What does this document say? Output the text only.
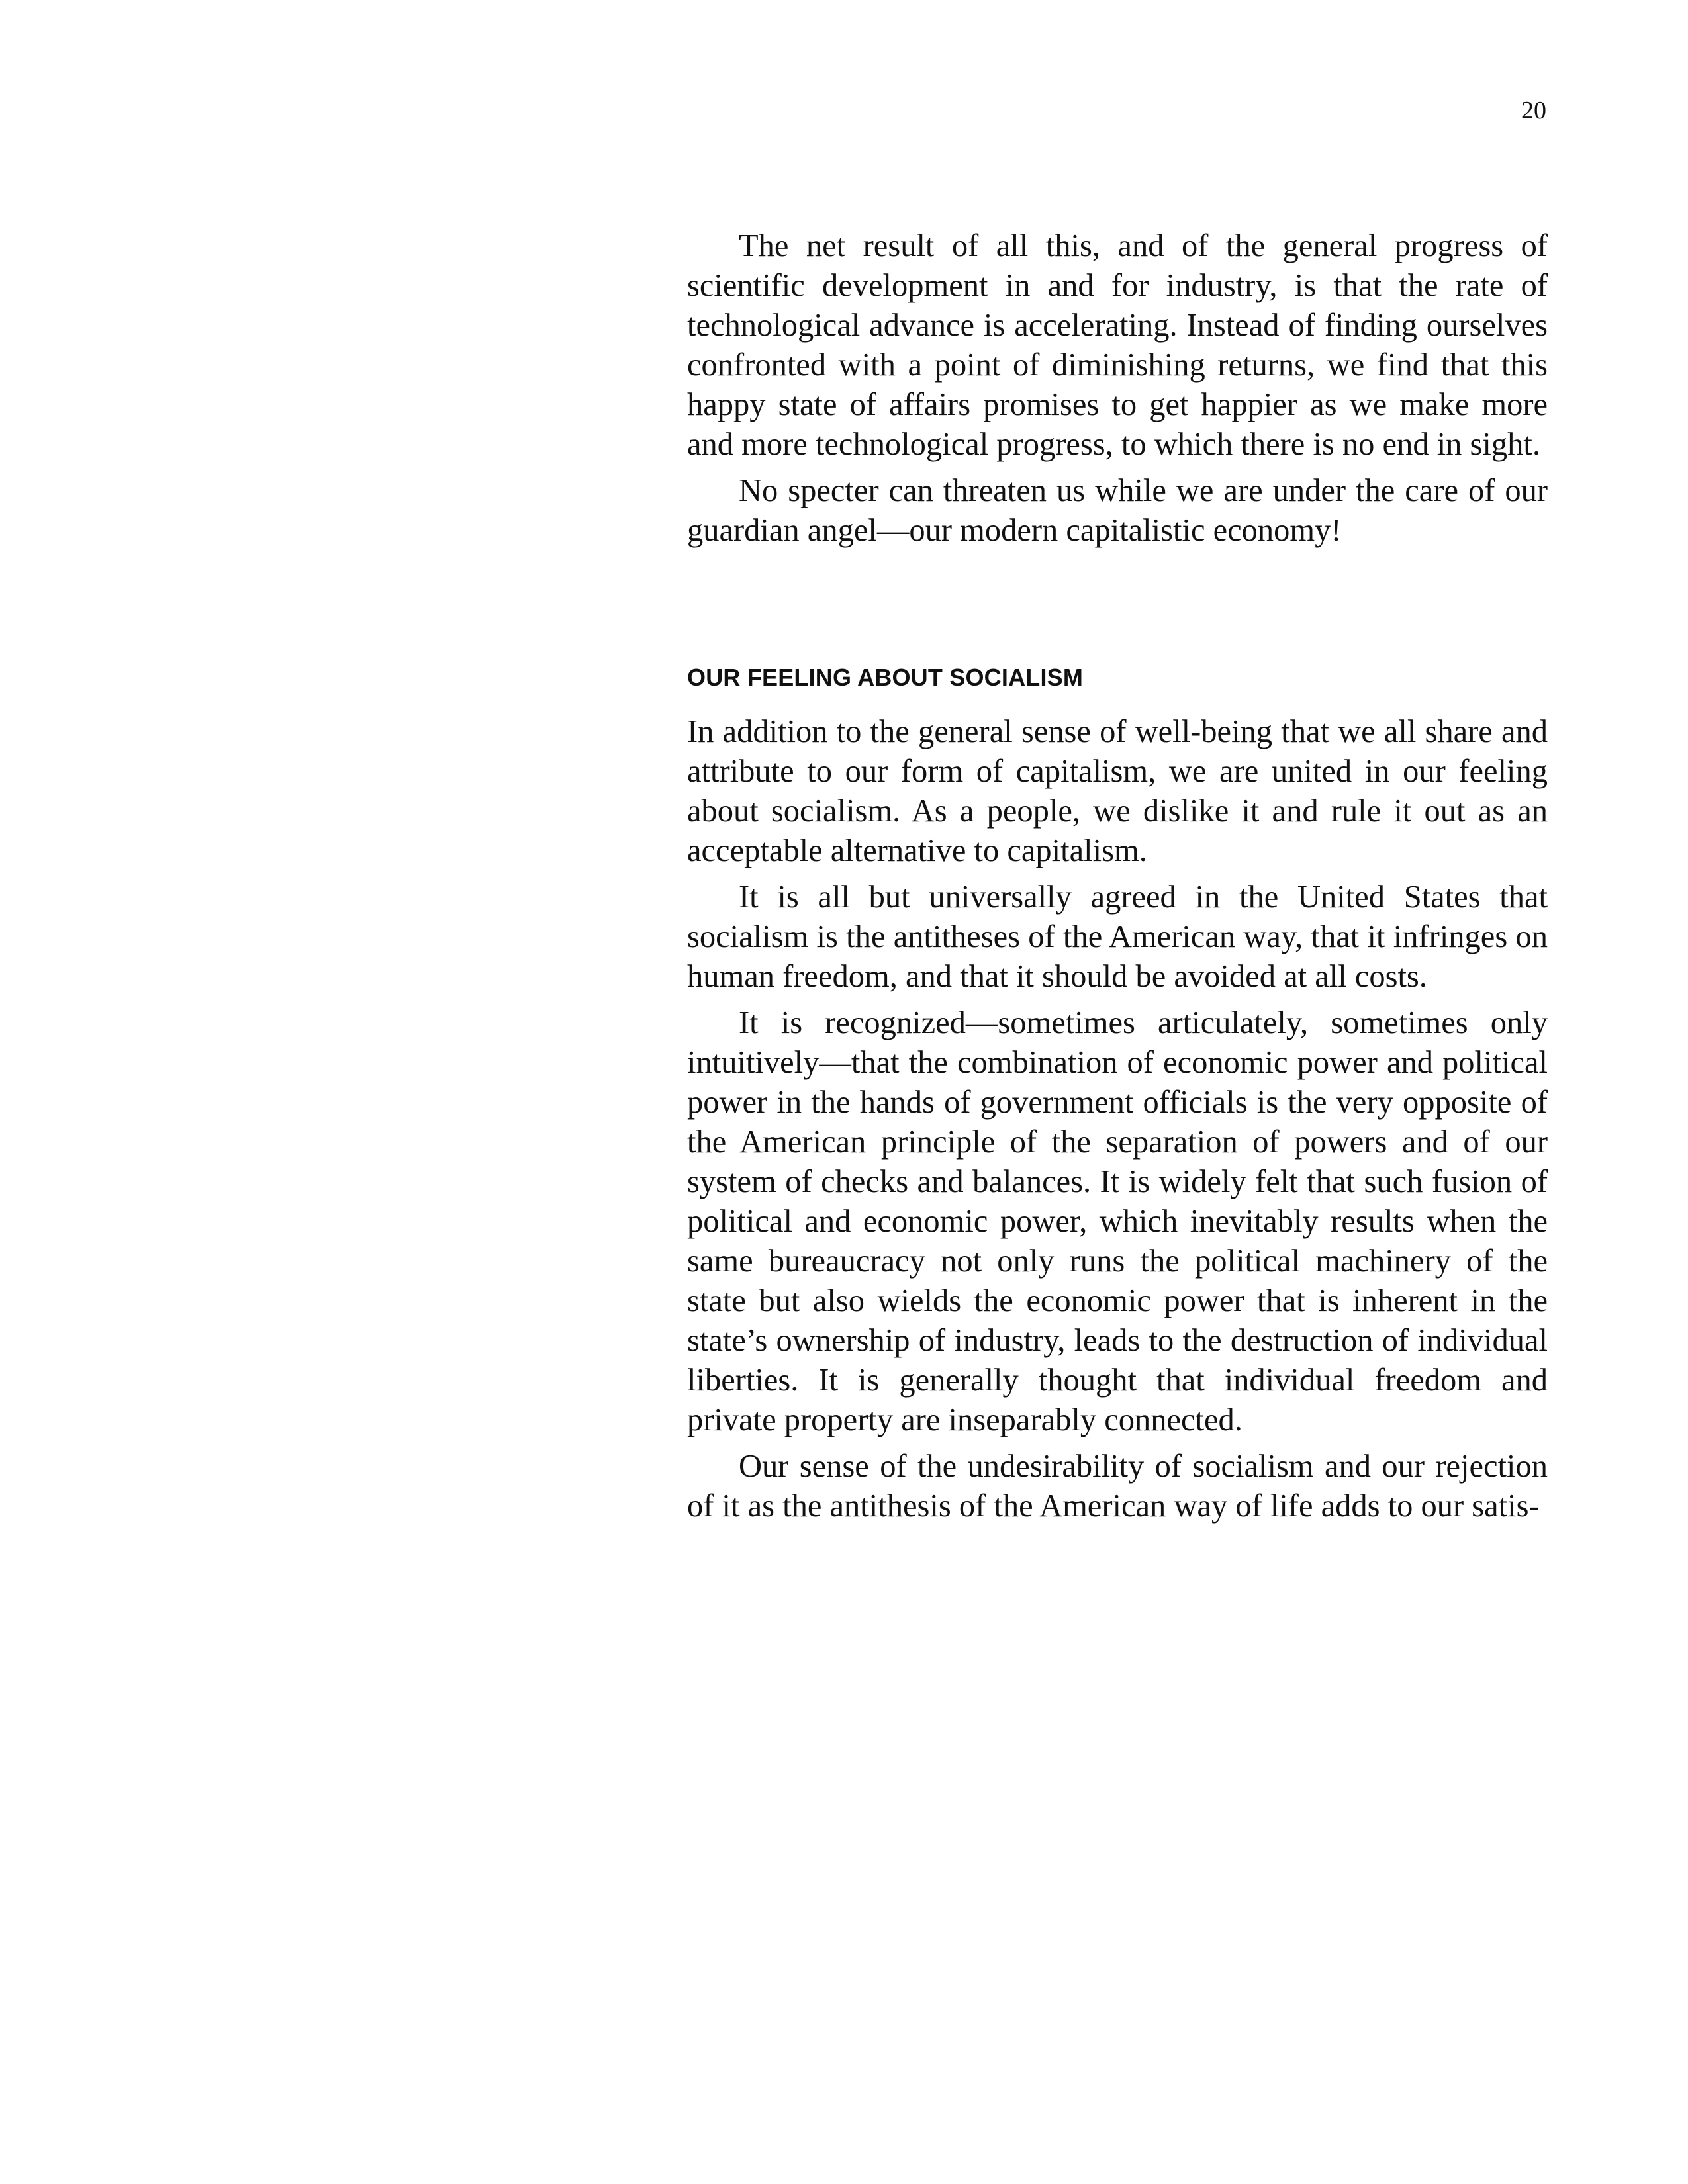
20

The net result of all this, and of the general progress of scientific development in and for industry, is that the rate of technological advance is accelerating. Instead of finding ourselves confronted with a point of diminishing returns, we find that this happy state of affairs promises to get happier as we make more and more technological progress, to which there is no end in sight.

No specter can threaten us while we are under the care of our guardian angel––our modern capitalistic economy!

OUR FEELING ABOUT SOCIALISM

In addition to the general sense of well-being that we all share and attribute to our form of capitalism, we are united in our feeling about socialism. As a people, we dislike it and rule it out as an acceptable alternative to capitalism.

It is all but universally agreed in the United States that socialism is the antitheses of the American way, that it infringes on human freedom, and that it should be avoided at all costs.

It is recognized––sometimes articulately, sometimes only intuitively––that the combination of economic power and political power in the hands of government officials is the very opposite of the American principle of the separation of powers and of our system of checks and balances. It is widely felt that such fusion of political and economic power, which inevitably results when the same bureaucracy not only runs the political machinery of the state but also wields the economic power that is inherent in the state’s ownership of industry, leads to the destruction of individual liberties. It is generally thought that individual freedom and private property are inseparably connected.

Our sense of the undesirability of socialism and our rejection of it as the antithesis of the American way of life adds to our satis-
